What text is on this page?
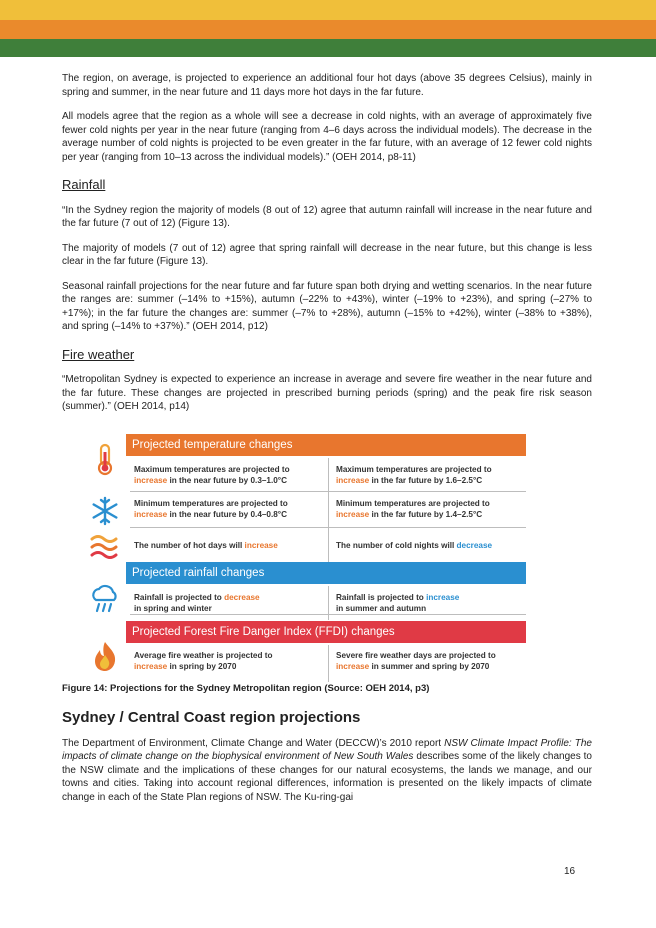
The region, on average, is projected to experience an additional four hot days (above 35 degrees Celsius), mainly in spring and summer, in the near future and 11 days more hot days in the far future.

All models agree that the region as a whole will see a decrease in cold nights, with an average of approximately five fewer cold nights per year in the near future (ranging from 4–6 days across the individual models). The decrease in the average number of cold nights is projected to be even greater in the far future, with an average of 12 fewer cold nights per year (ranging from 10–13 across the individual models).” (OEH 2014, p8-11)

Rainfall

“In the Sydney region the majority of models (8 out of 12) agree that autumn rainfall will increase in the near future and the far future (7 out of 12) (Figure 13).

The majority of models (7 out of 12) agree that spring rainfall will decrease in the near future, but this change is less clear in the far future (Figure 13).

Seasonal rainfall projections for the near future and far future span both drying and wetting scenarios. In the near future the ranges are: summer (–14% to +15%), autumn (–22% to +43%), winter (–19% to +23%), and spring (–27% to +17%); in the far future the changes are: summer (–7% to +28%), autumn (–15% to +42%), winter (–38% to +38%), and spring (–14% to +37%).” (OEH 2014, p12)

Fire weather

“Metropolitan Sydney is expected to experience an increase in average and severe fire weather in the near future and the far future. These changes are projected in prescribed burning periods (spring) and the peak fire risk season (summer).” (OEH 2014, p14)

Projected temperature changes
Projected rainfall changes
Projected Forest Fire Danger Index (FFDI) changes
Maximum temperatures are projected to
increase in the near future by 0.3–1.0°C
Maximum temperatures are projected to
increase in the far future by 1.6–2.5°C
Minimum temperatures are projected to
increase in the near future by 0.4–0.8°C
Minimum temperatures are projected to
increase in the far future by 1.4–2.5°C
The number of hot days will increase	The number of cold nights will decrease
Rainfall is projected to decrease
in spring and winter
Rainfall is projected to increase
in summer and autumn
Average fire weather is projected to
increase in spring by 2070
Severe fire weather days are projected to
increase in summer and spring by 2070

Figure 14: Projections for the Sydney Metropolitan region (Source: OEH 2014, p3)

Sydney / Central Coast region projections

The Department of Environment, Climate Change and Water (DECCW)’s 2010 report NSW Climate Impact Profile: The impacts of climate change on the biophysical environment of New South Wales describes some of the likely changes to the NSW climate and the implications of these changes for our natural ecosystems, the lands we manage, and our towns and cities. Taking into account regional differences, information is presented on the likely impacts of climate change in each of the State Plan regions of NSW. The Ku-ring-gai

16
